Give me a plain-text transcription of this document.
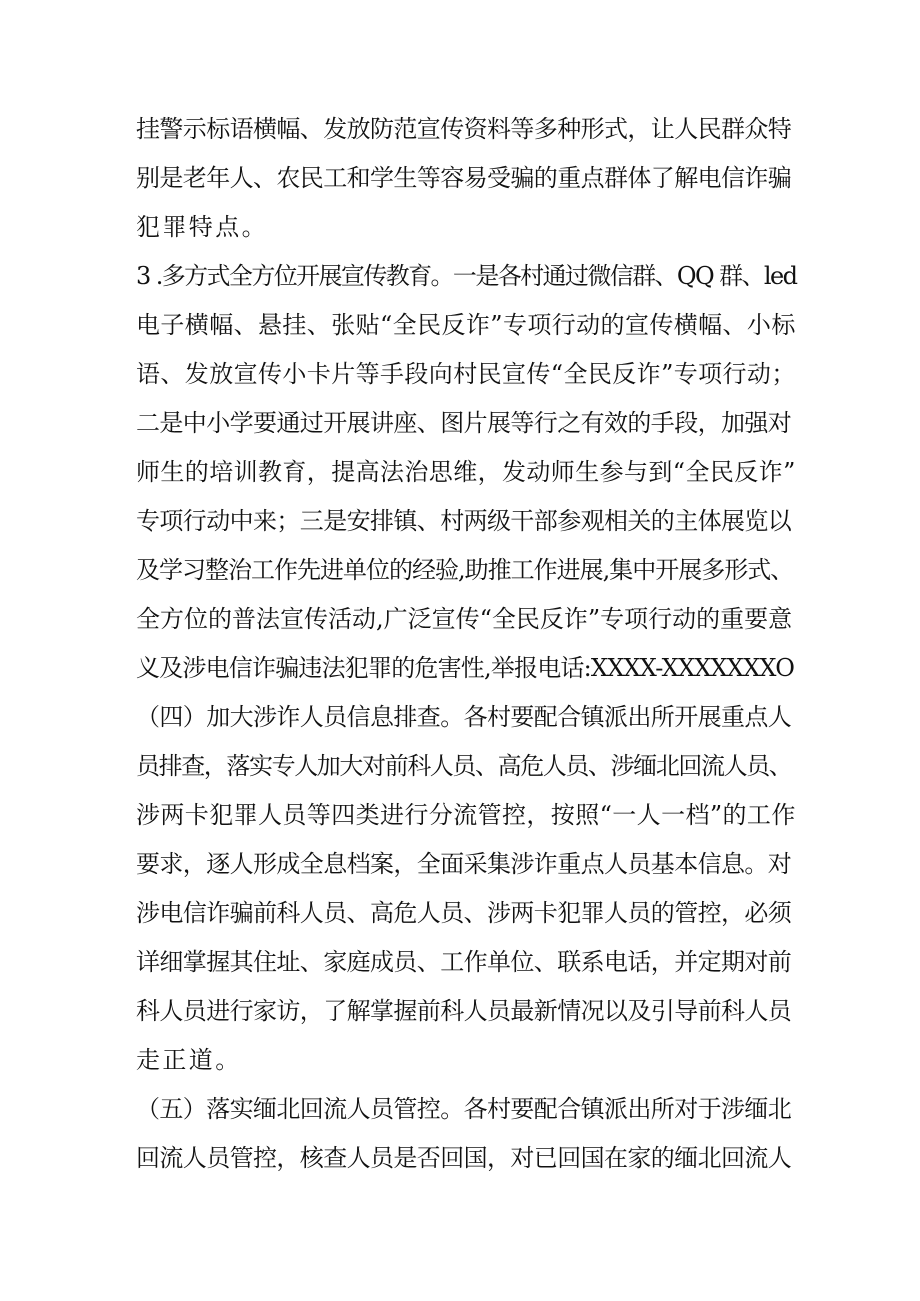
挂警示标语横幅、发放防范宣传资料等多种形式，让人民群众特
别是老年人、农民工和学生等容易受骗的重点群体了解电信诈骗
犯罪特点。
3 .多方式全方位开展宣传教育。一是各村通过微信群、QQ 群、led
电子横幅、悬挂、张贴“全民反诈”专项行动的宣传横幅、小标
语、发放宣传小卡片等手段向村民宣传“全民反诈”专项行动；
二是中小学要通过开展讲座、图片展等行之有效的手段，加强对
师生的培训教育，提高法治思维，发动师生参与到“全民反诈”
专项行动中来；三是安排镇、村两级干部参观相关的主体展览以
及学习整治工作先进单位的经验,助推工作进展,集中开展多形式、
全方位的普法宣传活动,广泛宣传“全民反诈”专项行动的重要意
义及涉电信诈骗违法犯罪的危害性,举报电话:XXXX-XXXXXXXO
（四）加大涉诈人员信息排查。各村要配合镇派出所开展重点人
员排查，落实专人加大对前科人员、高危人员、涉缅北回流人员、
涉两卡犯罪人员等四类进行分流管控，按照“一人一档”的工作
要求，逐人形成全息档案，全面采集涉诈重点人员基本信息。对
涉电信诈骗前科人员、高危人员、涉两卡犯罪人员的管控，必须
详细掌握其住址、家庭成员、工作单位、联系电话，并定期对前
科人员进行家访，了解掌握前科人员最新情况以及引导前科人员
走正道。
（五）落实缅北回流人员管控。各村要配合镇派出所对于涉缅北
回流人员管控，核查人员是否回国，对已回国在家的缅北回流人
